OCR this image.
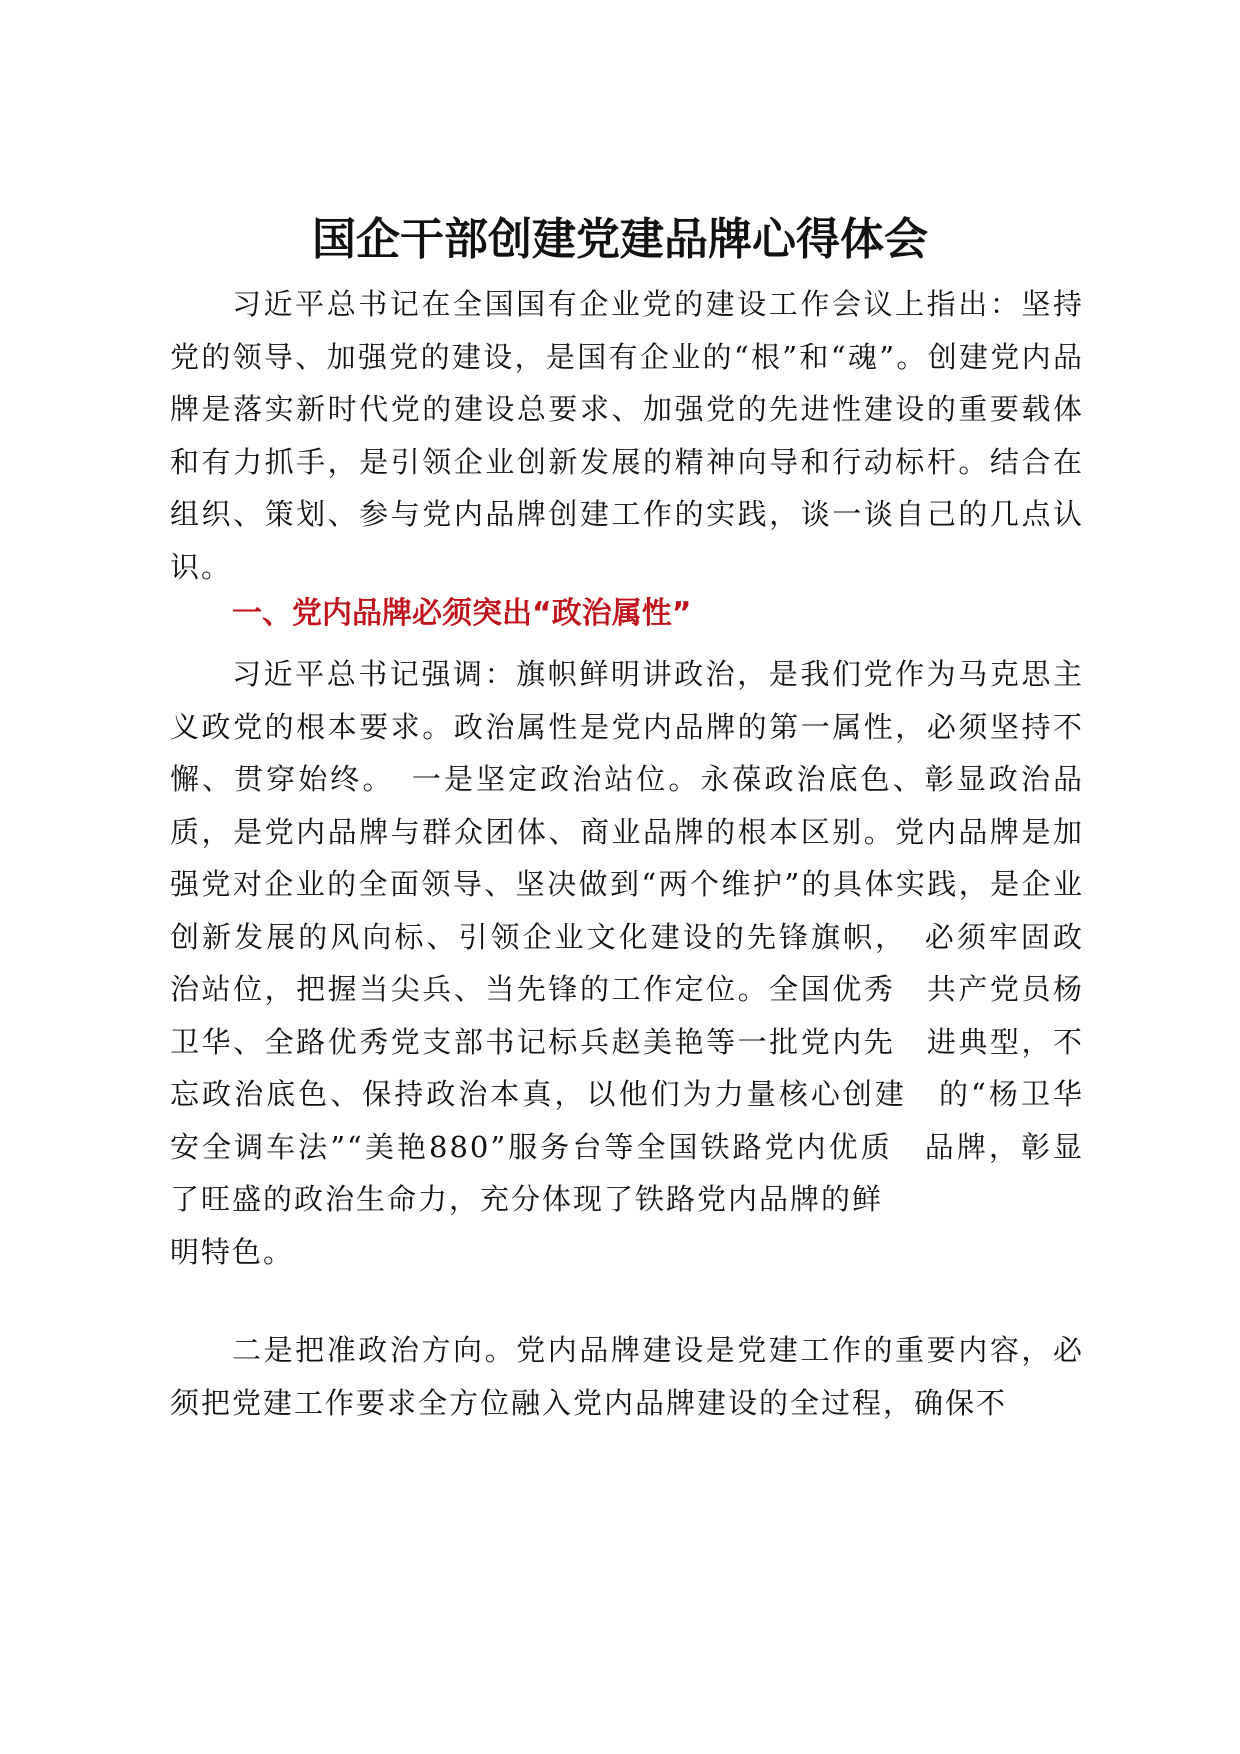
国企干部创建党建品牌心得体会

习近平总书记在全国国有企业党的建设工作会议上指出：坚持党的领导、加强党的建设，是国有企业的“根”和“魂”。创建党内品牌是落实新时代党的建设总要求、加强党的先进性建设的重要载体和有力抓手，是引领企业创新发展的精神向导和行动标杆。结合在组织、策划、参与党内品牌创建工作的实践，谈一谈自己的几点认识。

一、党内品牌必须突出“政治属性”

习近平总书记强调：旗帜鲜明讲政治，是我们党作为马克思主义政党的根本要求。政治属性是党内品牌的第一属性，必须坚持不懈、贯穿始终。　一是坚定政治站位。永葆政治底色、彰显政治品质，是党内品牌与群众团体、商业品牌的根本区别。党内品牌是加强党对企业的全面领导、坚决做到“两个维护”的具体实践，是企业创新发展的风向标、引领企业文化建设的先锋旗帜，　必须牢固政治站位，把握当尖兵、当先锋的工作定位。全国优秀　共产党员杨卫华、全路优秀党支部书记标兵赵美艳等一批党内先　进典型，不忘政治底色、保持政治本真，以他们为力量核心创建　的“杨卫华安全调车法”“美艳880”服务台等全国铁路党内优质　品牌，彰显了旺盛的政治生命力，充分体现了铁路党内品牌的鲜
明特色。

二是把准政治方向。党内品牌建设是党建工作的重要内容，必须把党建工作要求全方位融入党内品牌建设的全过程，确保不
